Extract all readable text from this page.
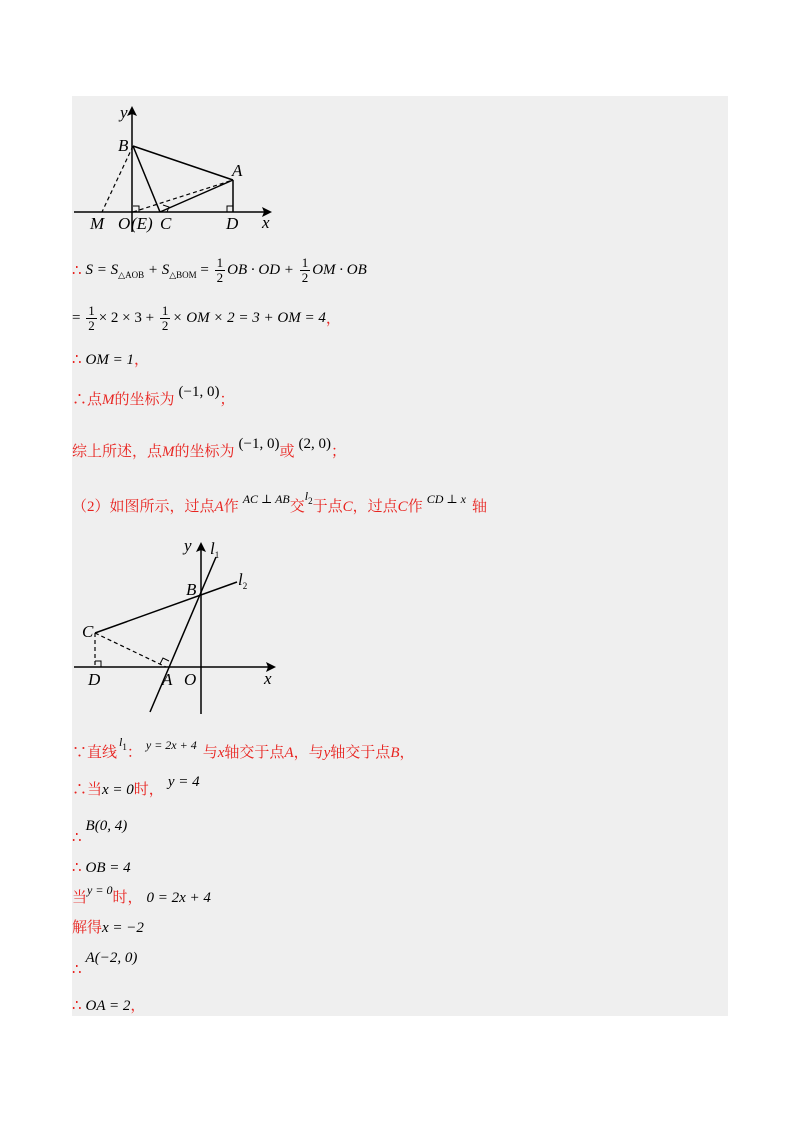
y
x
B
A
M O (E) C	D
∴ $S = S_{\triangle AOB} + S_{\triangle BOM} = \frac{1}{2}$ OB · OD + $\frac{1}{2}$ OM · OB
= $\frac{1}{2} \times 2 \times 3 + \frac{1}{2}$ × OM × 2 = 3 + OM = 4 ，
∴ OM = 1 ，
∴点 M 的坐标为 (−1, 0) ；
综上所述，点 M 的坐标为 (−1, 0) 或 (2, 0) ；
（2）如图所示，过点 A 作 AC ⊥ AB 交
$l_2$ 于点 C ，过点 C 作 CD ⊥ x 轴
y
x
$l_1$
$l_2$
B
C
D	A O
∵直线
$l_1$ ： y = 2x + 4 与 x 轴交于点 A ，与 y 轴交于点 B ，
∴当 x = 0 时， y = 4
∴
B(0, 4)
∴ OB = 4
当 y = 0 时， 0 = 2x + 4
解得 x = −2
∴
A(−2, 0)
∴ OA = 2 ，
